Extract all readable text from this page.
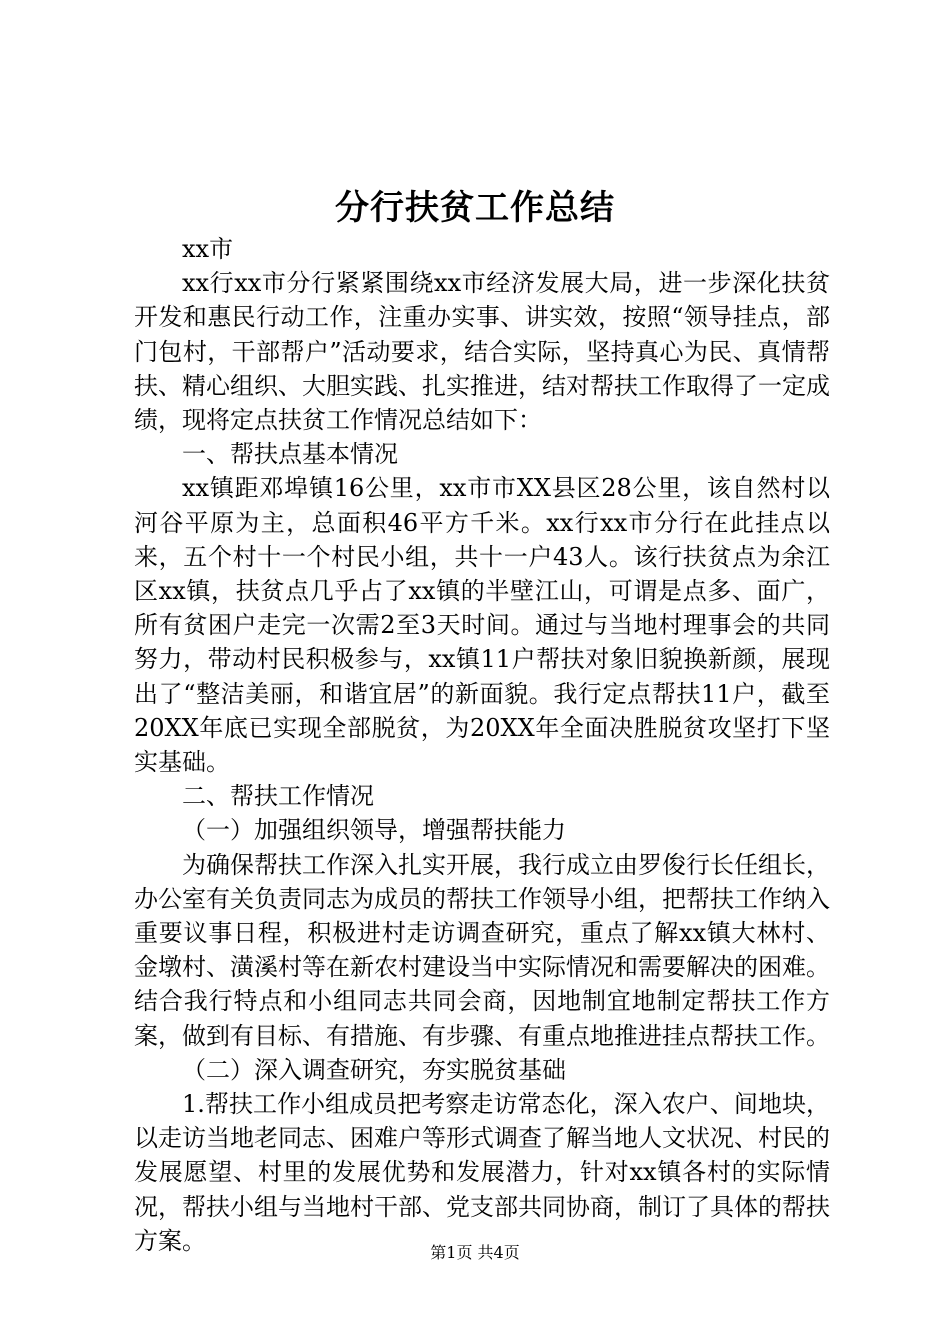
分行扶贫工作总结

xx市

xx行xx市分行紧紧围绕xx市经济发展大局，进一步深化扶贫开发和惠民行动工作，注重办实事、讲实效，按照“领导挂点，部门包村，干部帮户”活动要求，结合实际，坚持真心为民、真情帮扶、精心组织、大胆实践、扎实推进，结对帮扶工作取得了一定成绩，现将定点扶贫工作情况总结如下：

一、帮扶点基本情况

xx镇距邓埠镇16公里，xx市市XX县区28公里，该自然村以河谷平原为主，总面积46平方千米。xx行xx市分行在此挂点以来，五个村十一个村民小组，共十一户43人。该行扶贫点为余江区xx镇，扶贫点几乎占了xx镇的半壁江山，可谓是点多、面广，所有贫困户走完一次需2至3天时间。通过与当地村理事会的共同努力，带动村民积极参与，xx镇11户帮扶对象旧貌换新颜，展现出了“整洁美丽，和谐宜居”的新面貌。我行定点帮扶11户，截至20XX年底已实现全部脱贫，为20XX年全面决胜脱贫攻坚打下坚实基础。

二、帮扶工作情况

（一）加强组织领导，增强帮扶能力

为确保帮扶工作深入扎实开展，我行成立由罗俊行长任组长，办公室有关负责同志为成员的帮扶工作领导小组，把帮扶工作纳入重要议事日程，积极进村走访调查研究，重点了解xx镇大林村、金墩村、潢溪村等在新农村建设当中实际情况和需要解决的困难。结合我行特点和小组同志共同会商，因地制宜地制定帮扶工作方案，做到有目标、有措施、有步骤、有重点地推进挂点帮扶工作。

（二）深入调查研究，夯实脱贫基础

1.帮扶工作小组成员把考察走访常态化，深入农户、间地块，以走访当地老同志、困难户等形式调查了解当地人文状况、村民的发展愿望、村里的发展优势和发展潜力，针对xx镇各村的实际情况，帮扶小组与当地村干部、党支部共同协商，制订了具体的帮扶方案。	第1页 共4页
